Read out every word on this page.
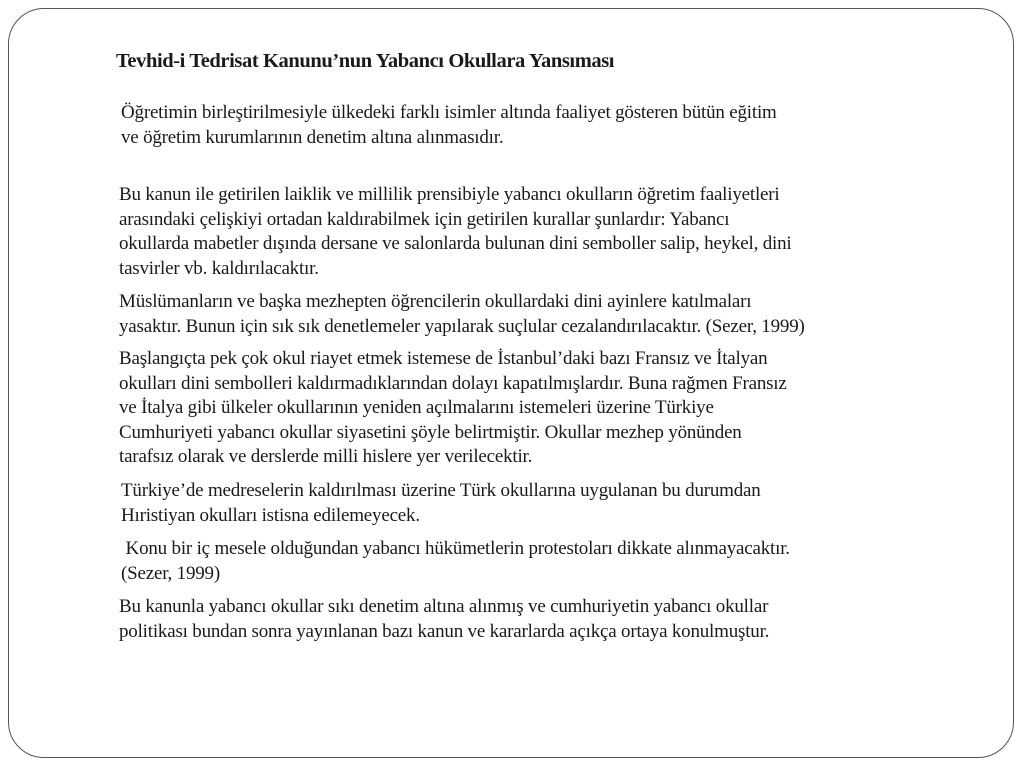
Tevhid-i Tedrisat Kanunu’nun Yabancı Okullara Yansıması

Öğretimin birleştirilmesiyle ülkedeki farklı isimler altında faaliyet gösteren bütün eğitim
ve öğretim kurumlarının denetim altına alınmasıdır.

Bu kanun ile getirilen laiklik ve millilik prensibiyle yabancı okulların öğretim faaliyetleri
arasındaki çelişkiyi ortadan kaldırabilmek için getirilen kurallar şunlardır: Yabancı
okullarda mabetler dışında dersane ve salonlarda bulunan dini semboller salip, heykel, dini
tasvirler vb. kaldırılacaktır.

Müslümanların ve başka mezhepten öğrencilerin okullardaki dini ayinlere katılmaları
yasaktır. Bunun için sık sık denetlemeler yapılarak suçlular cezalandırılacaktır. (Sezer, 1999)

Başlangıçta pek çok okul riayet etmek istemese de İstanbul’daki bazı Fransız ve İtalyan
okulları dini sembolleri kaldırmadıklarından dolayı kapatılmışlardır. Buna rağmen Fransız
ve İtalya gibi ülkeler okullarının yeniden açılmalarını istemeleri üzerine Türkiye
Cumhuriyeti yabancı okullar siyasetini şöyle belirtmiştir. Okullar mezhep yönünden
tarafsız olarak ve derslerde milli hislere yer verilecektir.

Türkiye’de medreselerin kaldırılması üzerine Türk okullarına uygulanan bu durumdan
Hıristiyan okulları istisna edilemeyecek.

Konu bir iç mesele olduğundan yabancı hükümetlerin protestoları dikkate alınmayacaktır.
(Sezer, 1999)

Bu kanunla yabancı okullar sıkı denetim altına alınmış ve cumhuriyetin yabancı okullar
politikası bundan sonra yayınlanan bazı kanun ve kararlarda açıkça ortaya konulmuştur.
